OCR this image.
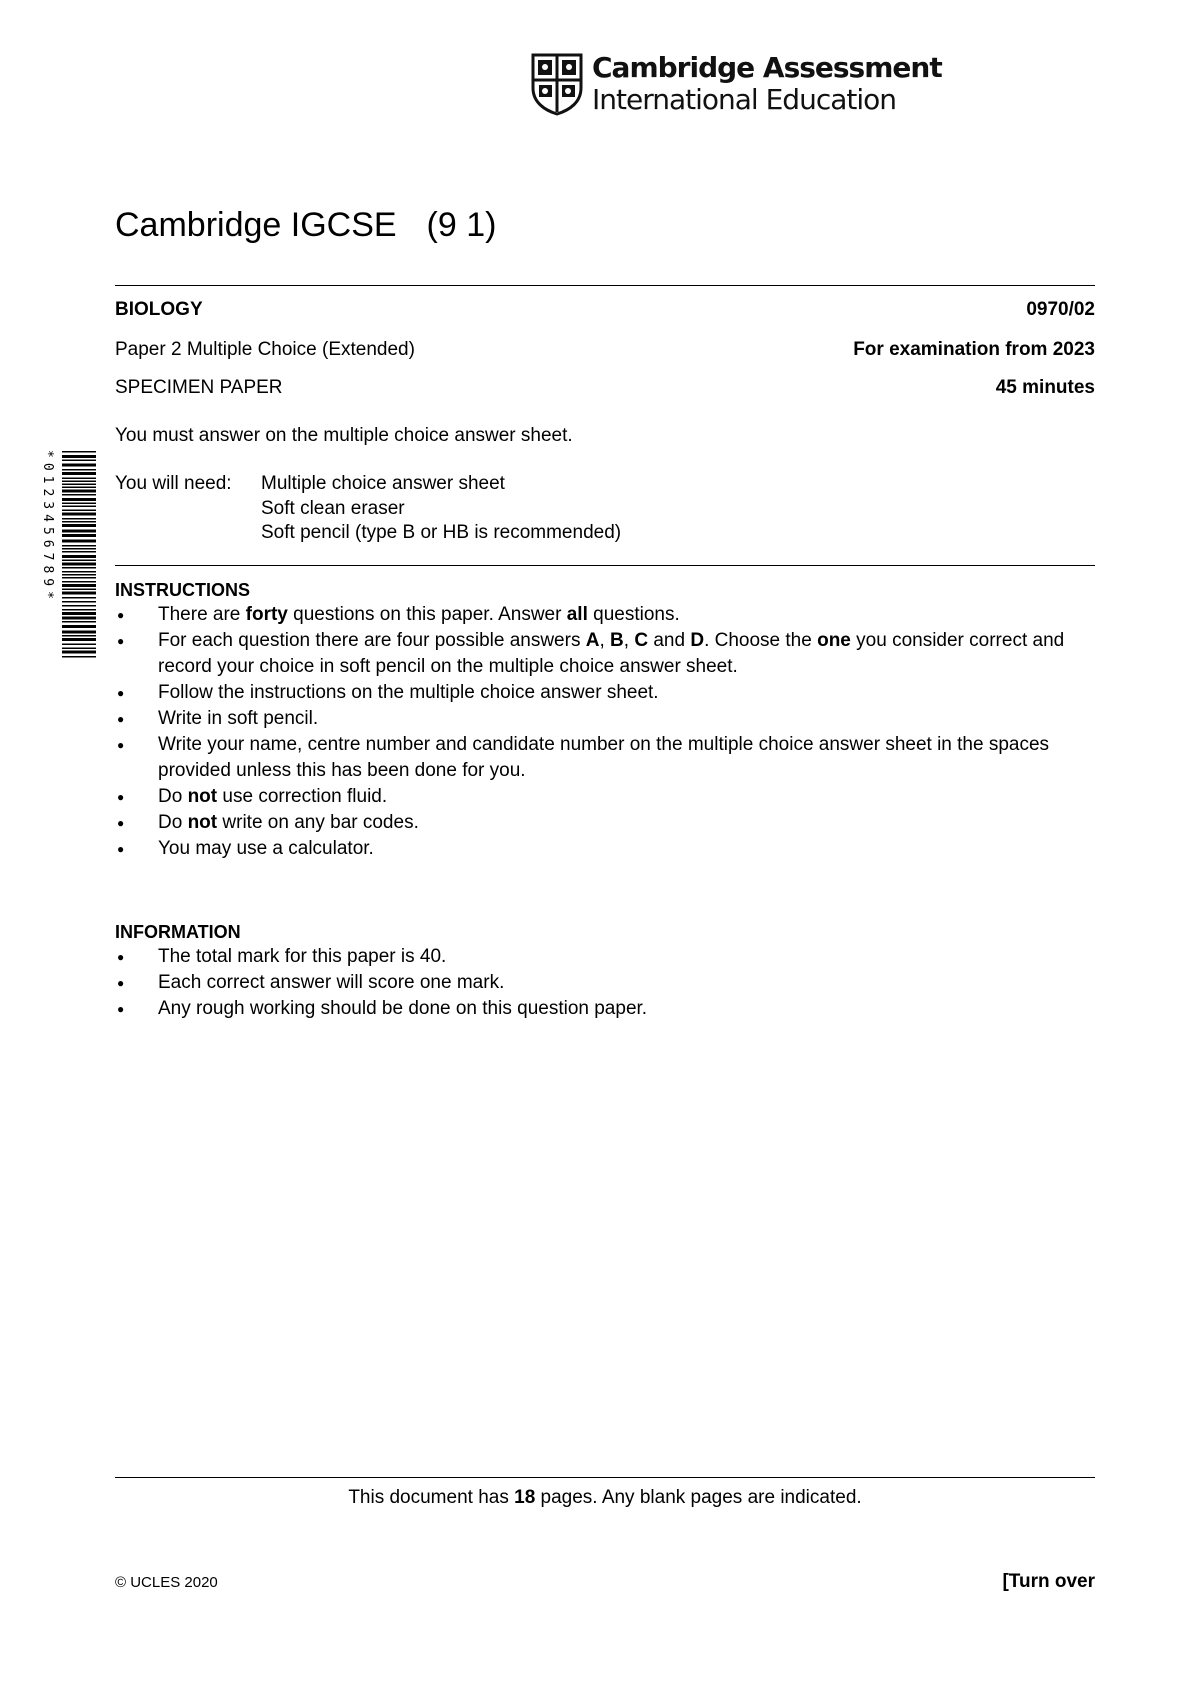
Cambridge Assessment
International Education
Cambridge IGCSE (9 1)
BIOLOGY	0970/02
Paper 2 Multiple Choice (Extended)	For examination from 2023
SPECIMEN PAPER	45 minutes
You must answer on the multiple choice answer sheet.
You will need:	Multiple choice answer sheet
Soft clean eraser
Soft pencil (type B or HB is recommended)
INSTRUCTIONS
● There are forty questions on this paper. Answer all questions.
● For each question there are four possible answers A, B, C and D. Choose the one you consider correct and record your choice in soft pencil on the multiple choice answer sheet.
● Follow the instructions on the multiple choice answer sheet.
● Write in soft pencil.
● Write your name, centre number and candidate number on the multiple choice answer sheet in the spaces provided unless this has been done for you.
● Do not use correction fluid.
● Do not write on any bar codes.
● You may use a calculator.
INFORMATION
● The total mark for this paper is 40.
● Each correct answer will score one mark.
● Any rough working should be done on this question paper.
This document has 18 pages. Any blank pages are indicated.
© UCLES 2020	[Turn over
*0123456789*
